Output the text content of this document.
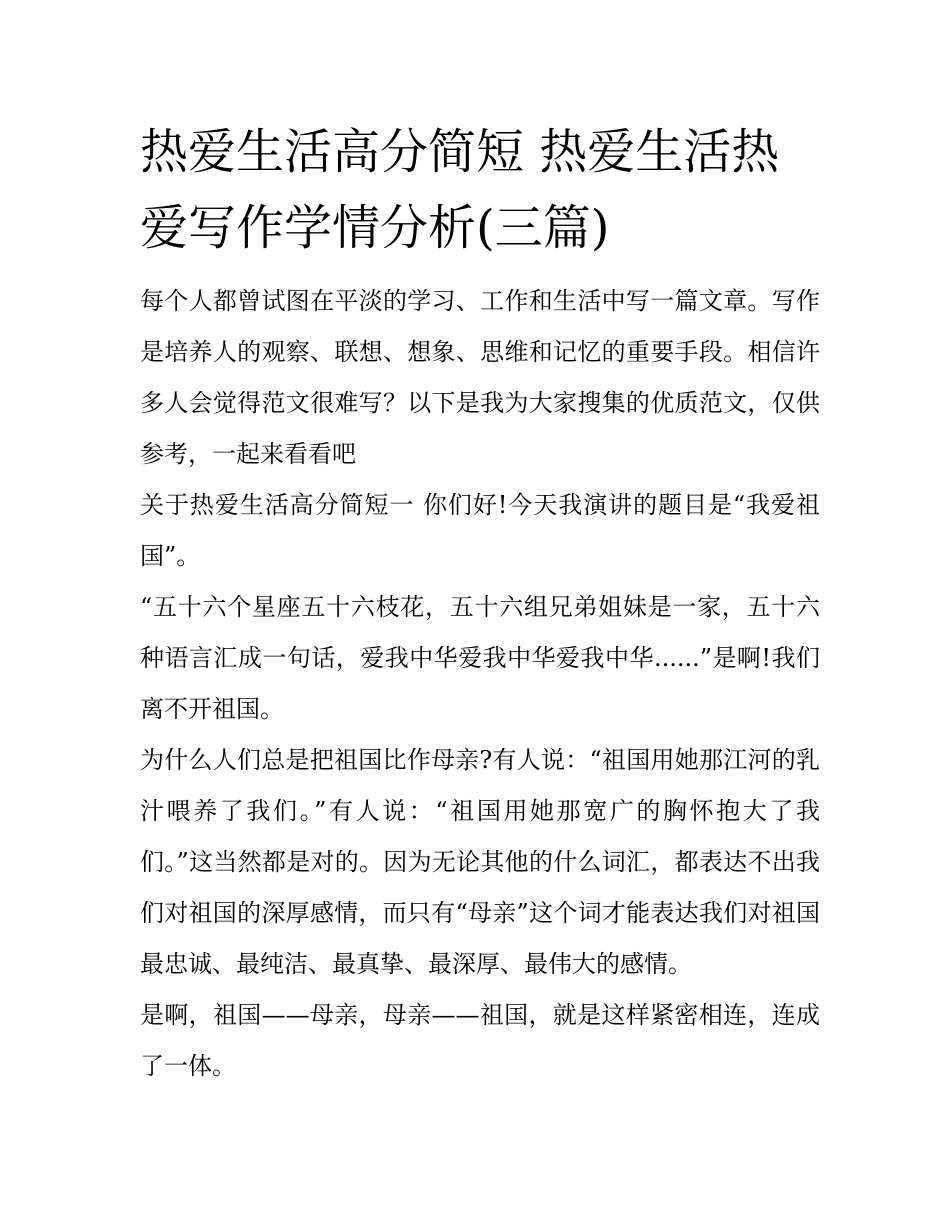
热爱生活高分简短 热爱生活热爱写作学情分析(三篇)

每个人都曾试图在平淡的学习、工作和生活中写一篇文章。写作是培养人的观察、联想、想象、思维和记忆的重要手段。相信许多人会觉得范文很难写？以下是我为大家搜集的优质范文，仅供参考，一起来看看吧

关于热爱生活高分简短一 你们好!今天我演讲的题目是“我爱祖国”。

“五十六个星座五十六枝花，五十六组兄弟姐妹是一家，五十六种语言汇成一句话，爱我中华爱我中华爱我中华......”是啊!我们离不开祖国。

为什么人们总是把祖国比作母亲?有人说：“祖国用她那江河的乳汁喂养了我们。”有人说：“祖国用她那宽广的胸怀抱大了我们。”这当然都是对的。因为无论其他的什么词汇，都表达不出我们对祖国的深厚感情，而只有“母亲”这个词才能表达我们对祖国最忠诚、最纯洁、最真挚、最深厚、最伟大的感情。

是啊，祖国——母亲，母亲——祖国，就是这样紧密相连，连成了一体。
